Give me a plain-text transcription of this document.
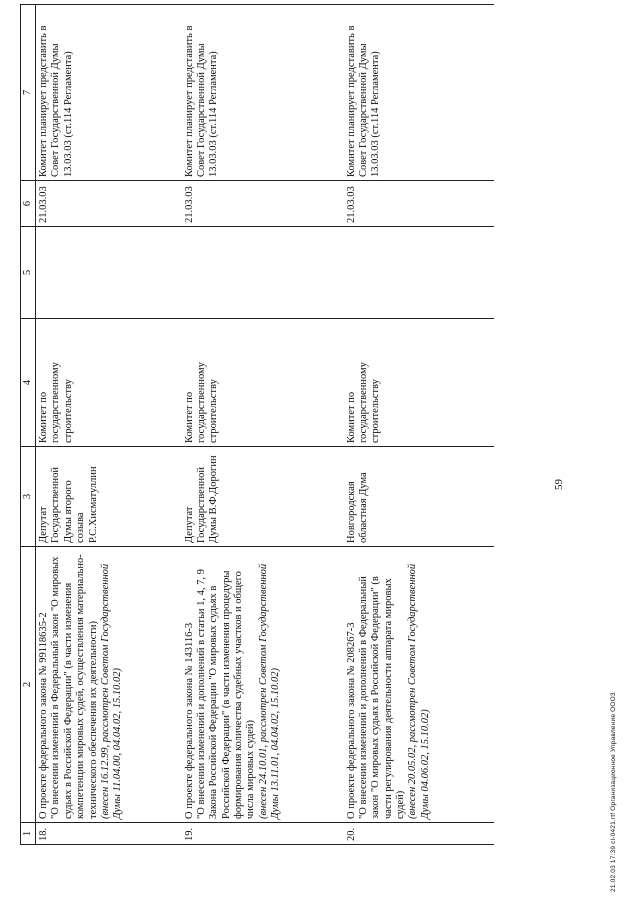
59
1	2	3	4	5	6	7
18.	О проекте федерального закона № 99118635-2 "О внесении изменений в Федеральный закон "О мировых судьях в Российской Федерации" (в части изменения компетенции мировых судей, осуществления материально-технического обеспечения их деятельности) (внесен 16.12.99, рассмотрен Советом Государственной Думы 11.04.00, 04.04.02, 15.10.02)	Депутат Государственной Думы второго созыва Р.С.Хисматуллин	Комитет по государственному строительству		21.03.03	Комитет планирует представить в Совет Государственной Думы 13.03.03 (ст.114 Регламента)
19.	О проекте федерального закона № 143116-3 "О внесении изменений и дополнений в статьи 1, 4, 7, 9 Закона Российской Федерации "О мировых судьях в Российской Федерации" (в части изменения процедуры формирования количества судебных участков и общего числа мировых судей) (внесен 24.10.01, рассмотрен Советом Государственной Думы 13.11.01, 04.04.02, 15.10.02)	Депутат Государственной Думы В.Ф.Дорогин	Комитет по государственному строительству		21.03.03	Комитет планирует представить в Совет Государственной Думы 13.03.03 (ст.114 Регламента)
20.	О проекте федерального закона № 208267-3 "О внесении изменений и дополнений в Федеральный закон "О мировых судьях в Российской Федерации" (в части регулирования деятельности аппарата мировых судей) (внесен 20.05.02, рассмотрен Советом Государственной Думы 04.06.02, 15.10.02)	Новгородская областная Дума	Комитет по государственному строительству		21.03.03	Комитет планирует представить в Совет Государственной Думы 13.03.03 (ст.114 Регламента)
21.02.03 17:39 cl-0421.rtf Организационное Управление ООО3
